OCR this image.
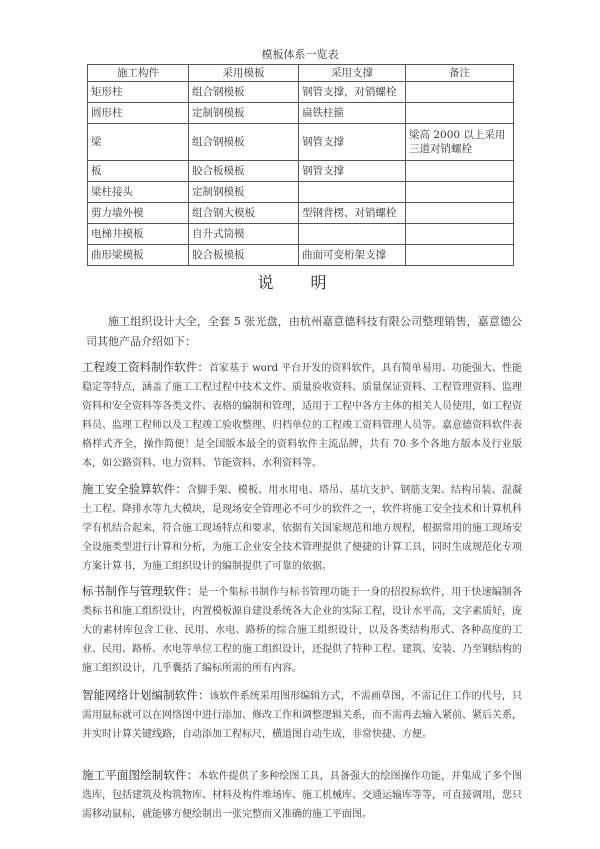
模板体系一览表
施工构件	采用模板	采用支撑	备注
矩形柱	组合钢模板	钢管支撑，对销螺栓	
圆形柱	定制钢模板	扁铁柱箍	
梁	组合钢模板	钢管支撑	梁高 2000 以上采用三道对销螺栓
板	胶合板模板	钢管支撑	
梁柱接头	定制钢模板		
剪力墙外模	组合钢大模板	型钢背楞、对销螺栓	
电梯井模板	自升式筒模		
曲形梁模板	胶合板模板	曲面可变桁架支撑	
说 明

施工组织设计大全，全套 5 张光盘，由杭州嘉意德科技有限公司整理销售，嘉意德公司其他产品介绍如下：

工程竣工资料制作软件：首家基于 word 平台开发的资料软件，具有简单易用、功能强大、性能稳定等特点，涵盖了施工工程过程中技术文件、质量验收资料、质量保证资料、工程管理资料、监理资料和安全资料等各类文件、表格的编制和管理，适用于工程中各方主体的相关人员使用，如工程资料员、监理工程师以及工程竣工验收整理、归档单位的工程竣工资料管理人员等。嘉意德资料软件表格样式齐全，操作简便！是全国版本最全的资料软件主流品牌，共有 70 多个各地方版本及行业版本，如公路资料、电力资料、节能资料、水利资料等。

施工安全验算软件：含脚手架、模板、用水用电、塔吊、基坑支护、钢筋支架、结构吊装、混凝土工程、降排水等九大模块，是现场安全管理必不可少的软件之一，软件将施工安全技术和计算机科学有机结合起来，符合施工现场特点和要求，依据有关国家规范和地方规程，根据常用的施工现场安全设施类型进行计算和分析，为施工企业安全技术管理提供了便捷的计算工具，同时生成规范化专项方案计算书，为施工组织设计的编制提供了可靠的依据。

标书制作与管理软件：是一个集标书制作与标书管理功能于一身的招投标软件，用于快速编制各类标书和施工组织设计，内置模板源自建设系统各大企业的实际工程，设计水平高，文字素质好，庞大的素材库包含工业、民用、水电、路桥的综合施工组织设计，以及各类结构形式、各种高度的工业、民用、路桥、水电等单位工程的施工组织设计，还提供了特种工程、建筑、安装、乃至钢结构的施工组织设计，几乎囊括了编标所需的所有内容。

智能网络计划编制软件：该软件系统采用图形编辑方式，不需画草图，不需记住工作的代号，只需用鼠标就可以在网络图中进行添加、修改工作和调整逻辑关系，而不需再去输入紧前、紧后关系，并实时计算关键线路，自动添加工程标尺，横道图自动生成，非常快捷、方便。

施工平面图绘制软件：本软件提供了多种绘图工具，具备强大的绘图操作功能，并集成了多个图选库，包括建筑及构筑物库、材料及构件堆场库、施工机械库、交通运输库等等，可直接调用，您只需移动鼠标，就能够方便绘制出一张完整而又准确的施工平面图。
